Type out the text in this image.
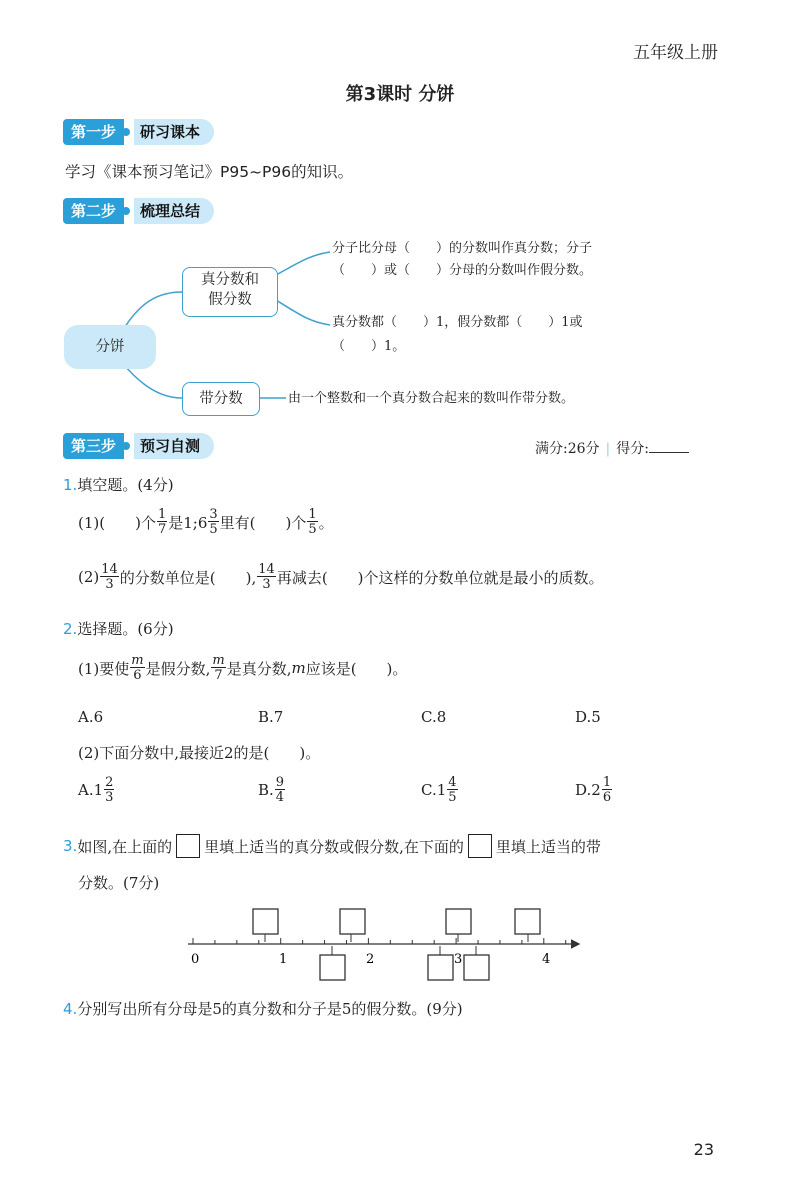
五年级上册
第3课时 分饼
第一步	研习课本
学习《课本预习笔记》P95~P96的知识。
第二步	梳理总结
分饼
真分数和
假分数
带分数
分子比分母（　　）的分数叫作真分数；分子
（　　）或（　　）分母的分数叫作假分数。
真分数都（　　）1，假分数都（　　）1或
（　　）1。
由一个整数和一个真分数合起来的数叫作带分数。
第三步	预习自测	满分:26分 | 得分:
1.填空题。(4分)
(1)(　　)个 $\frac{1}{7}$ 是1;6 $\frac{3}{5}$ 里有(　　)个 $\frac{1}{5}$ 。
$(2) \frac{14}{3}$ 的分数单位是(　　), $\frac{14}{3}$ 再减去(　　)个这样的分数单位就是最小的质数。
2.选择题。(6分)
(1)要使 $\frac{m}{6}$ 是假分数, $\frac{m}{7}$ 是真分数, m 应该是(　　)。
A.6	B.7	C.8	D.5
(2)下面分数中,最接近2的是(　　)。
$A.1 \frac{2}{3}$	B. $\frac{9}{4}$	$C.1 \frac{4}{5}$	$D.2 \frac{1}{6}$
3. 如图,在上面的 里填上适当的真分数或假分数,在下面的 里填上适当的带
分数。(7分)
0	1	2	3	4
4.分别写出所有分母是5的真分数和分子是5的假分数。(9分)
23
